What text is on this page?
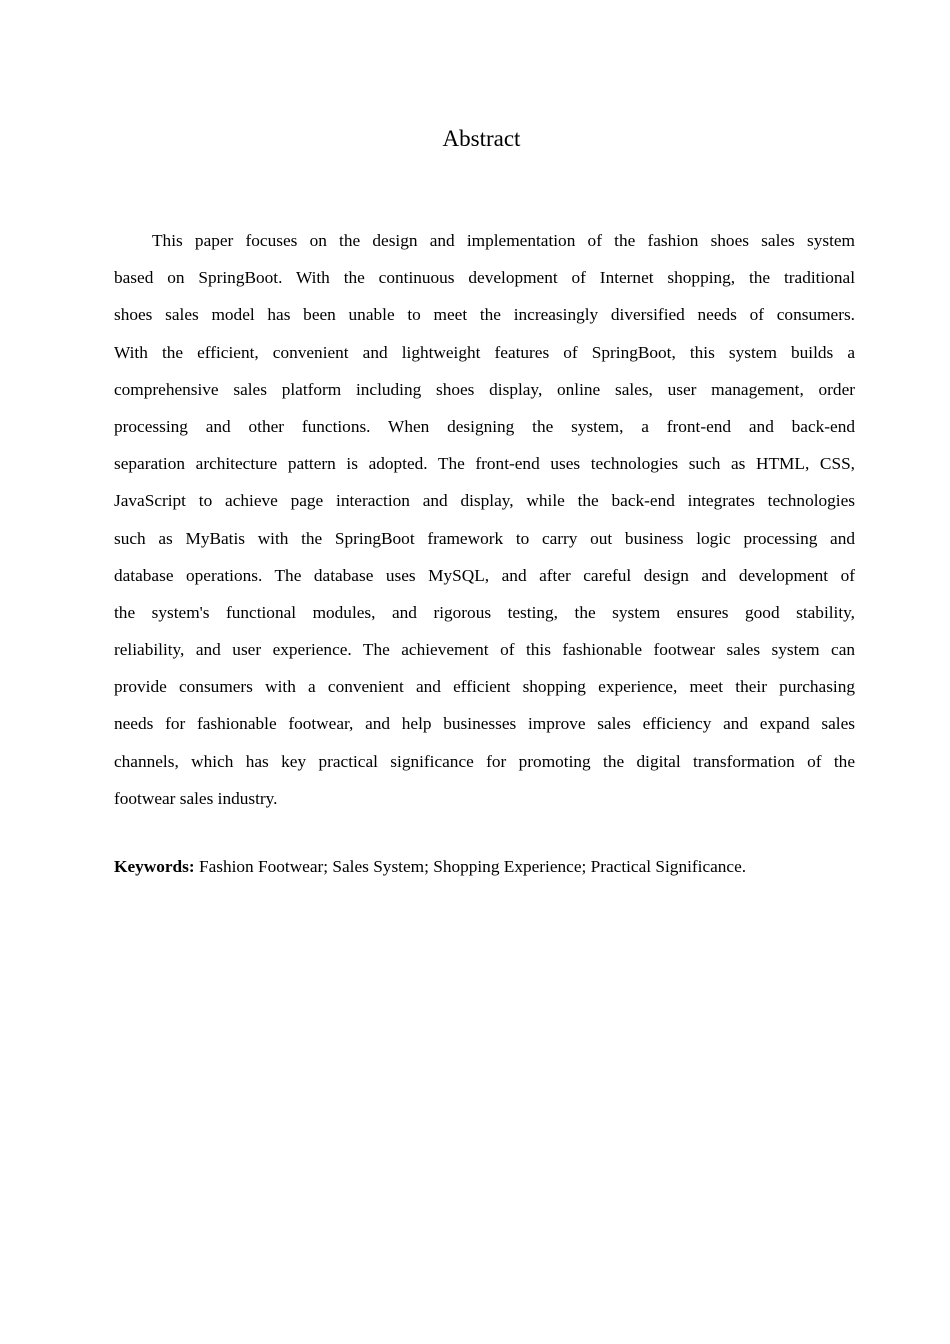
Abstract
This paper focuses on the design and implementation of the fashion shoes sales system
based on SpringBoot. With the continuous development of Internet shopping, the traditional
shoes sales model has been unable to meet the increasingly diversified needs of consumers.
With the efficient, convenient and lightweight features of SpringBoot, this system builds a
comprehensive sales platform including shoes display, online sales, user management, order
processing and other functions. When designing the system, a front-end and back-end
separation architecture pattern is adopted. The front-end uses technologies such as HTML, CSS,
JavaScript to achieve page interaction and display, while the back-end integrates technologies
such as MyBatis with the SpringBoot framework to carry out business logic processing and
database operations. The database uses MySQL, and after careful design and development of
the system's functional modules, and rigorous testing, the system ensures good stability,
reliability, and user experience. The achievement of this fashionable footwear sales system can
provide consumers with a convenient and efficient shopping experience, meet their purchasing
needs for fashionable footwear, and help businesses improve sales efficiency and expand sales
channels, which has key practical significance for promoting the digital transformation of the
footwear sales industry.

Keywords: Fashion Footwear; Sales System; Shopping Experience; Practical Significance.
